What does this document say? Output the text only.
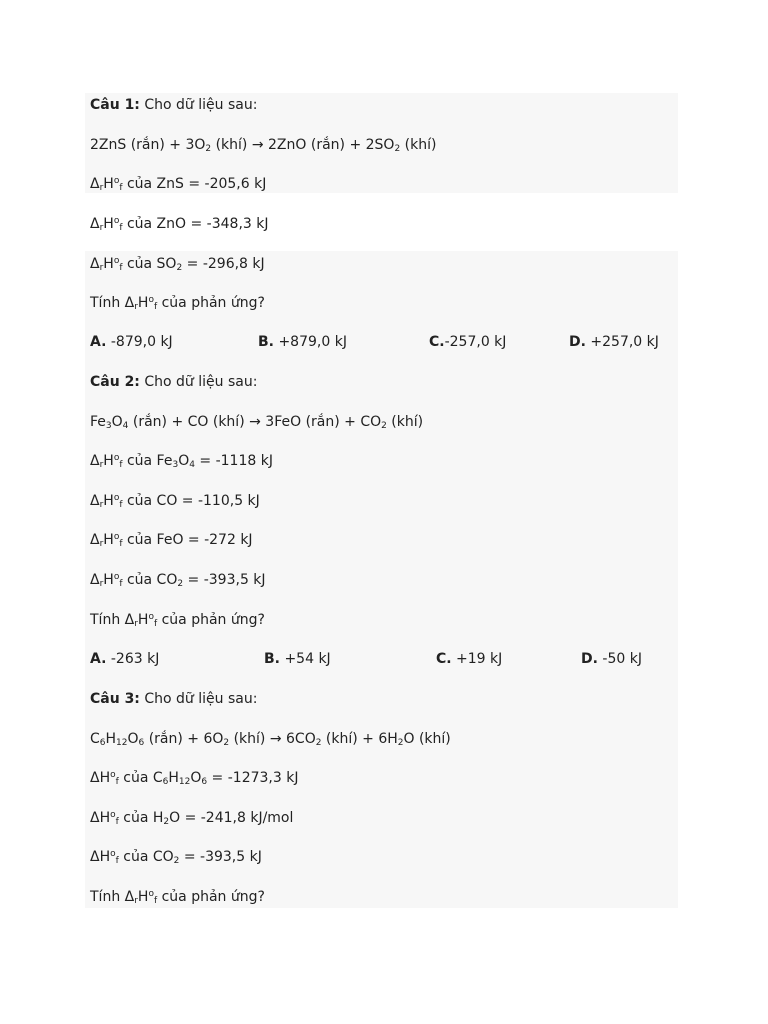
Câu 1: Cho dữ liệu sau:
2ZnS (rắn) + $3O_2$ (khí) → 2ZnO (rắn) + $2SO_2$ (khí)
$\Delta_rH^o_f$ của ZnS = -205,6 kJ
$\Delta_rH^o_f$ của ZnO = -348,3 kJ
$\Delta_rH^o_f$ của $SO_2 = -296,8$ kJ
Tính $\Delta_rH^o_f$ của phản ứng?
A. -879,0 kJ	B. +879,0 kJ	C.-257,0 kJ	D. +257,0 kJ
Câu 2: Cho dữ liệu sau:
$Fe_3O_4$ (rắn) + CO (khí) → 3FeO (rắn) + $CO_2$ (khí)
$\Delta_rH^o_f$ của $Fe_3O_4 = -1118$ kJ
$\Delta_rH^o_f$ của CO = -110,5 kJ
$\Delta_rH^o_f$ của FeO = -272 kJ
$\Delta_rH^o_f$ của $CO_2 = -393,5$ kJ
Tính $\Delta_rH^o_f$ của phản ứng?
A. -263 kJ	B. +54 kJ	C. +19 kJ	D. -50 kJ
Câu 3: Cho dữ liệu sau:
$C_6H_{12}O_6$ (rắn) + $6O_2$ (khí) → $6CO_2$ (khí) + $6H_2O$ (khí)
$\Delta H^o_f$ của $C_6H_{12}O_6 = -1273,3$ kJ
$\Delta H^o_f$ của $H_2O = -241,8$ kJ/mol
$\Delta H^o_f$ của $CO_2 = -393,5$ kJ
Tính $\Delta_rH^o_f$ của phản ứng?
